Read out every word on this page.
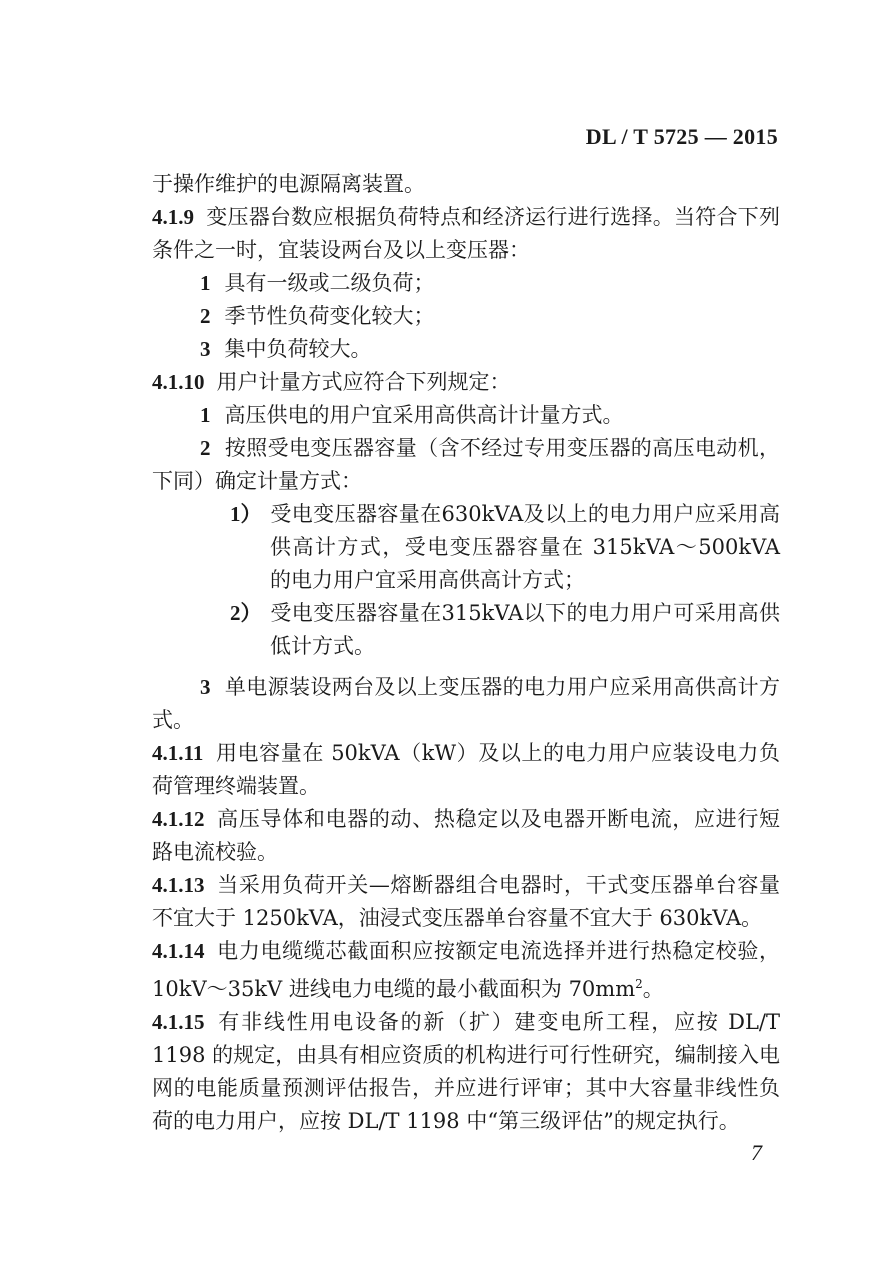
DL / T 5725 — 2015

于操作维护的电源隔离装置。

4.1.9 变压器台数应根据负荷特点和经济运行进行选择。当符合下列条件之一时，宜装设两台及以上变压器：

1 具有一级或二级负荷；

2 季节性负荷变化较大；

3 集中负荷较大。

4.1.10 用户计量方式应符合下列规定：

1 高压供电的用户宜采用高供高计计量方式。

2 按照受电变压器容量（含不经过专用变压器的高压电动机，下同）确定计量方式：

1） 受电变压器容量在630kVA及以上的电力用户应采用高供高计方式，受电变压器容量在 315kVA～500kVA 的电力用户宜采用高供高计方式；

2） 受电变压器容量在315kVA以下的电力用户可采用高供低计方式。

3 单电源装设两台及以上变压器的电力用户应采用高供高计方式。

4.1.11 用电容量在 50kVA（kW）及以上的电力用户应装设电力负荷管理终端装置。

4.1.12 高压导体和电器的动、热稳定以及电器开断电流，应进行短路电流校验。

4.1.13 当采用负荷开关—熔断器组合电器时，干式变压器单台容量不宜大于 1250kVA，油浸式变压器单台容量不宜大于 630kVA。

4.1.14 电力电缆缆芯截面积应按额定电流选择并进行热稳定校验，10kV～35kV 进线电力电缆的最小截面积为 $70mm^2$。

4.1.15 有非线性用电设备的新（扩）建变电所工程，应按 DL/T 1198 的规定，由具有相应资质的机构进行可行性研究，编制接入电网的电能质量预测评估报告，并应进行评审；其中大容量非线性负荷的电力用户，应按 DL/T 1198 中“第三级评估”的规定执行。

7
